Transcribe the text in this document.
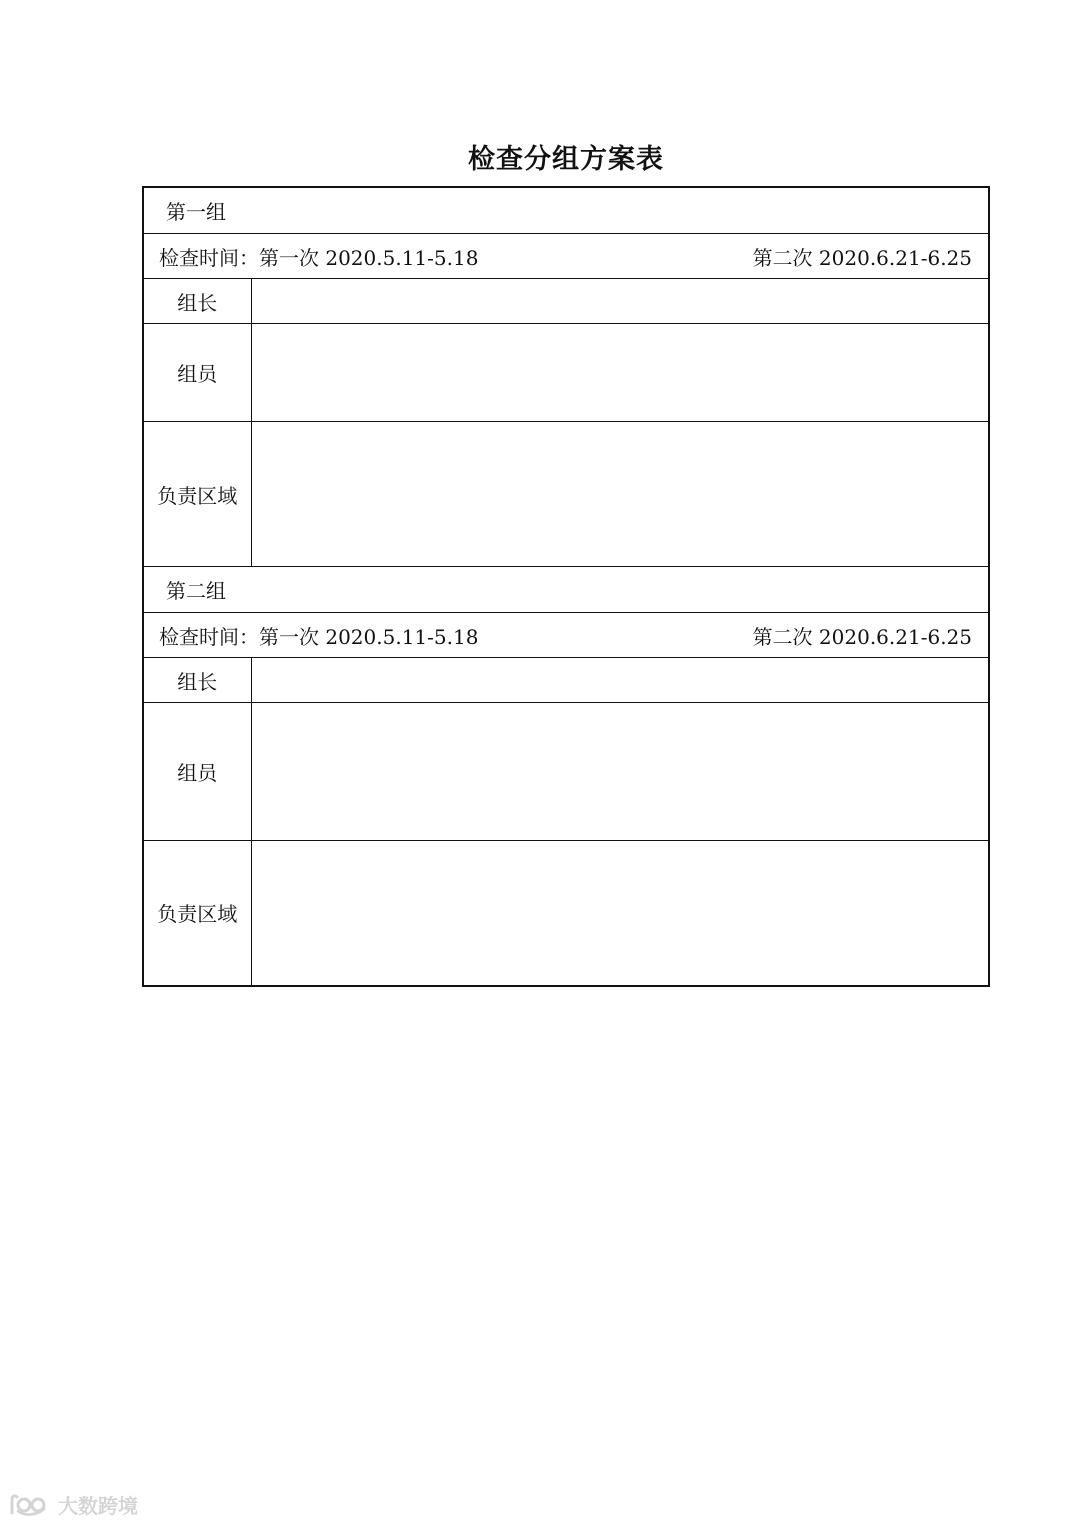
检查分组方案表
第一组	

检查时间：第一次 2020.5.11-5.18 第二次 2020.6.21-6.25	

组长	
组员	
负责区域	
第二组	

检查时间：第一次 2020.5.11-5.18 第二次 2020.6.21-6.25	

组长	
组员	
负责区域	
大数跨境
